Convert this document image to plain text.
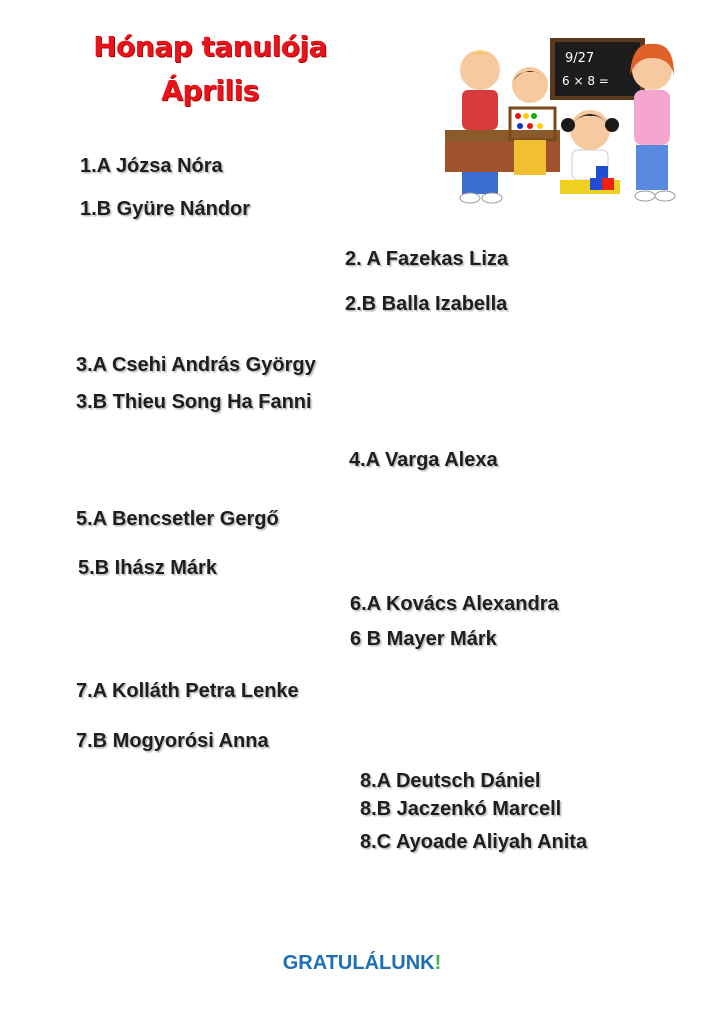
Hónap tanulója
Április
9/27
6 × 8 =
1.A Józsa Nóra
1.B Gyüre Nándor
2. A Fazekas Liza
2.B Balla Izabella
3.A Csehi András György
3.B Thieu Song Ha Fanni
4.A Varga Alexa
5.A Bencsetler Gergő
5.B Ihász Márk
6.A Kovács Alexandra
6 B Mayer Márk
7.A Kolláth Petra Lenke
7.B Mogyorósi Anna
8.A Deutsch Dániel
8.B Jaczenkó Marcell
8.C Ayoade Aliyah Anita
GRATULÁLUNK!
